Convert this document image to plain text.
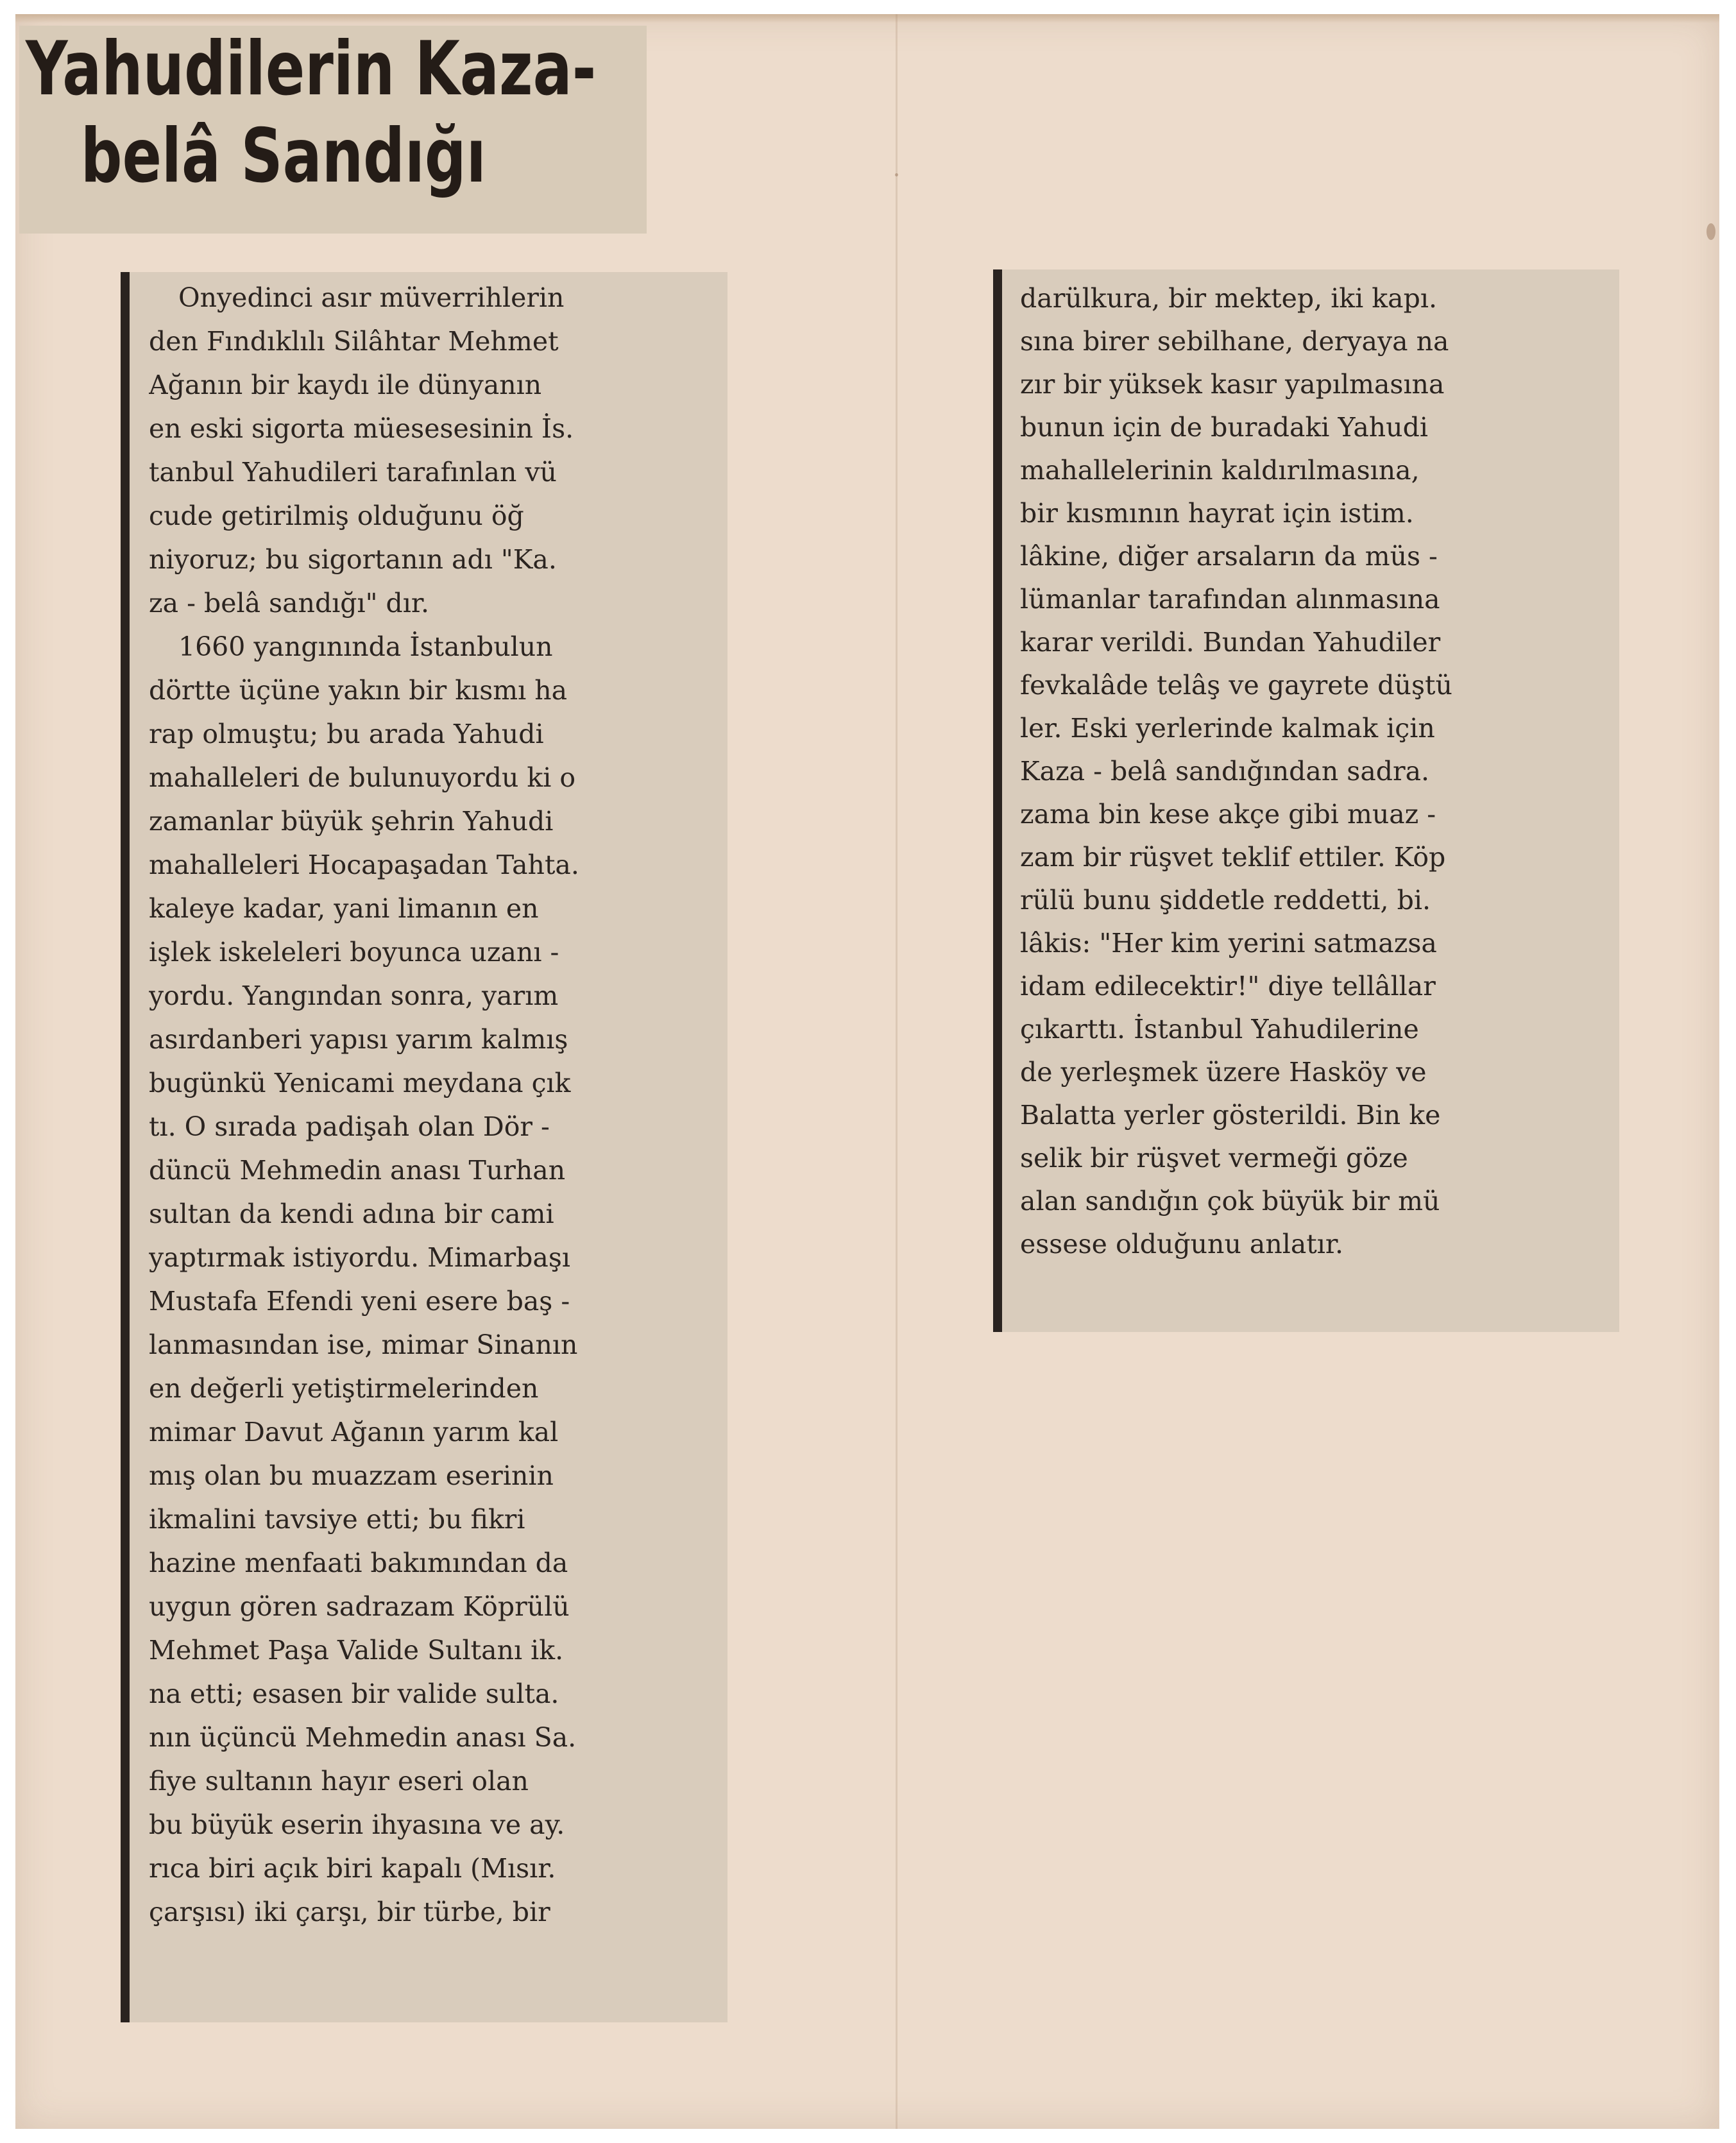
Yahudilerin Kaza-
belâ Sandığı
Onyedinci asır müverrihlerin
den Fındıklılı Silâhtar Mehmet
Ağanın bir kaydı ile dünyanın
en eski sigorta müesesesinin İs.
tanbul Yahudileri tarafınlan vü
cude getirilmiş olduğunu öğ
niyoruz; bu sigortanın adı "Ka.
za - belâ sandığı" dır.
1660 yangınında İstanbulun
dörtte üçüne yakın bir kısmı ha
rap olmuştu; bu arada Yahudi
mahalleleri de bulunuyordu ki o
zamanlar büyük şehrin Yahudi
mahalleleri Hocapaşadan Tahta.
kaleye kadar, yani limanın en
işlek iskeleleri boyunca uzanı -
yordu. Yangından sonra, yarım
asırdanberi yapısı yarım kalmış
bugünkü Yenicami meydana çık
tı. O sırada padişah olan Dör -
düncü Mehmedin anası Turhan
sultan da kendi adına bir cami
yaptırmak istiyordu. Mimarbaşı
Mustafa Efendi yeni esere baş -
lanmasından ise, mimar Sinanın
en değerli yetiştirmelerinden
mimar Davut Ağanın yarım kal
mış olan bu muazzam eserinin
ikmalini tavsiye etti; bu fikri
hazine menfaati bakımından da
uygun gören sadrazam Köprülü
Mehmet Paşa Valide Sultanı ik.
na etti; esasen bir valide sulta.
nın üçüncü Mehmedin anası Sa.
fiye sultanın hayır eseri olan
bu büyük eserin ihyasına ve ay.
rıca biri açık biri kapalı (Mısır.
çarşısı) iki çarşı, bir türbe, bir
darülkura, bir mektep, iki kapı.
sına birer sebilhane, deryaya na
zır bir yüksek kasır yapılmasına
bunun için de buradaki Yahudi
mahallelerinin kaldırılmasına,
bir kısmının hayrat için istim.
lâkine, diğer arsaların da müs -
lümanlar tarafından alınmasına
karar verildi. Bundan Yahudiler
fevkalâde telâş ve gayrete düştü
ler. Eski yerlerinde kalmak için
Kaza - belâ sandığından sadra.
zama bin kese akçe gibi muaz -
zam bir rüşvet teklif ettiler. Köp
rülü bunu şiddetle reddetti, bi.
lâkis: "Her kim yerini satmazsa
idam edilecektir!" diye tellâllar
çıkarttı. İstanbul Yahudilerine
de yerleşmek üzere Hasköy ve
Balatta yerler gösterildi. Bin ke
selik bir rüşvet vermeği göze
alan sandığın çok büyük bir mü
essese olduğunu anlatır.
